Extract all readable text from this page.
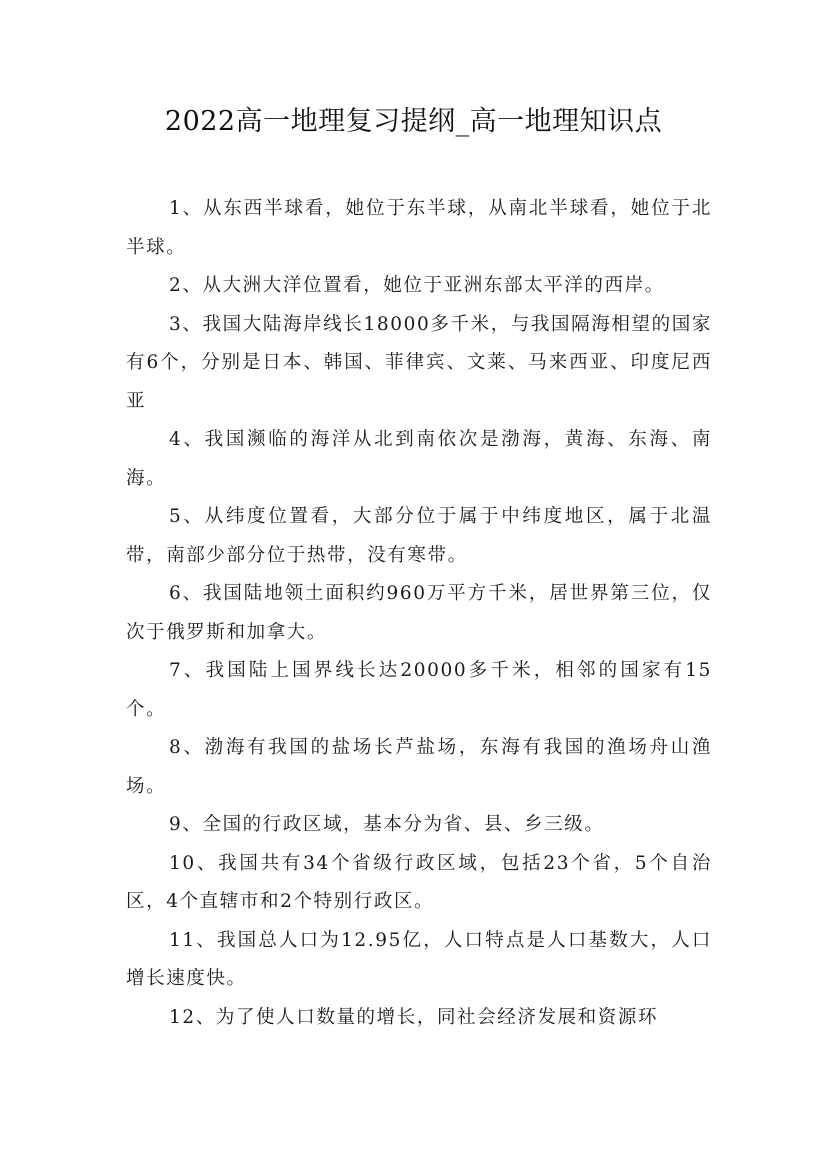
2022高一地理复习提纲_高一地理知识点

1、从东西半球看，她位于东半球，从南北半球看，她位于北半球。

2、从大洲大洋位置看，她位于亚洲东部太平洋的西岸。

3、我国大陆海岸线长18000多千米，与我国隔海相望的国家有6个，分别是日本、韩国、菲律宾、文莱、马来西亚、印度尼西亚

4、我国濒临的海洋从北到南依次是渤海，黄海、东海、南海。

5、从纬度位置看，大部分位于属于中纬度地区，属于北温带，南部少部分位于热带，没有寒带。

6、我国陆地领土面积约960万平方千米，居世界第三位，仅次于俄罗斯和加拿大。

7、我国陆上国界线长达20000多千米，相邻的国家有15个。

8、渤海有我国的盐场长芦盐场，东海有我国的渔场舟山渔场。

9、全国的行政区域，基本分为省、县、乡三级。

10、我国共有34个省级行政区域，包括23个省，5个自治区，4个直辖市和2个特别行政区。

11、我国总人口为12.95亿，人口特点是人口基数大，人口增长速度快。

12、为了使人口数量的增长，同社会经济发展和资源环
